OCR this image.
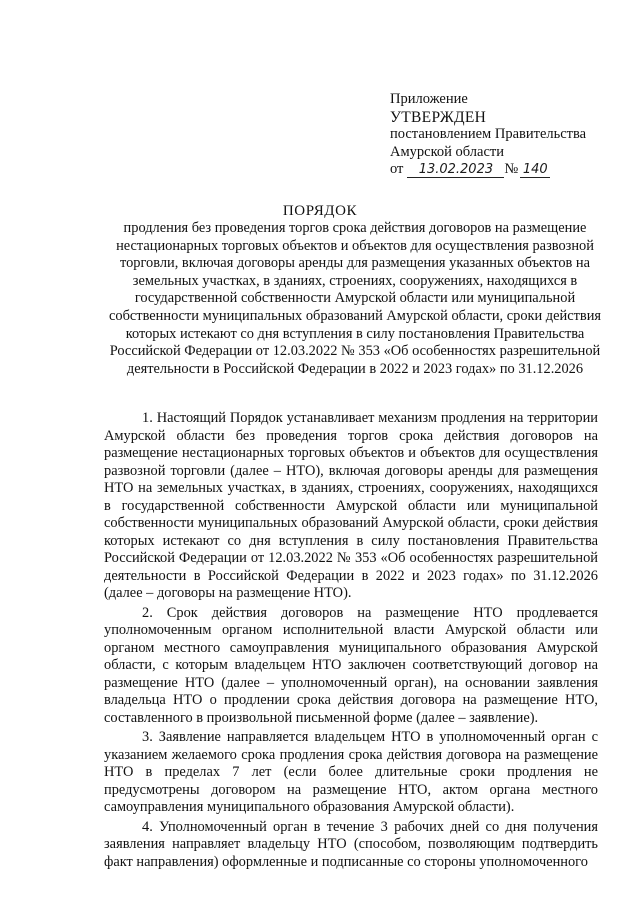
Приложение
УТВЕРЖДЕН
постановлением Правительства
Амурской области
от 13.02.2023 № 140
ПОРЯДОК
продления без проведения торгов срока действия договоров на размещение нестационарных торговых объектов и объектов для осуществления развозной торговли, включая договоры аренды для размещения указанных объектов на земельных участках, в зданиях, строениях, сооружениях, находящихся в государственной собственности Амурской области или муниципальной собственности муниципальных образований Амурской области, сроки действия которых истекают со дня вступления в силу постановления Правительства Российской Федерации от 12.03.2022 № 353 «Об особенностях разрешительной деятельности в Российской Федерации в 2022 и 2023 годах» по 31.12.2026

1. Настоящий Порядок устанавливает механизм продления на территории Амурской области без проведения торгов срока действия договоров на размещение нестационарных торговых объектов и объектов для осуществления развозной торговли (далее – НТО), включая договоры аренды для размещения НТО на земельных участках, в зданиях, строениях, сооружениях, находящихся в государственной собственности Амурской области или муниципальной собственности муниципальных образований Амурской области, сроки действия которых истекают со дня вступления в силу постановления Правительства Российской Федерации от 12.03.2022 № 353 «Об особенностях разрешительной деятельности в Российской Федерации в 2022 и 2023 годах» по 31.12.2026 (далее – договоры на размещение НТО).

2. Срок действия договоров на размещение НТО продлевается уполномоченным органом исполнительной власти Амурской области или органом местного самоуправления муниципального образования Амурской области, с которым владельцем НТО заключен соответствующий договор на размещение НТО (далее – уполномоченный орган), на основании заявления владельца НТО о продлении срока действия договора на размещение НТО, составленного в произвольной письменной форме (далее – заявление).

3. Заявление направляется владельцем НТО в уполномоченный орган с указанием желаемого срока продления срока действия договора на размещение НТО в пределах 7 лет (если более длительные сроки продления не предусмотрены договором на размещение НТО, актом органа местного самоуправления муниципального образования Амурской области).

4. Уполномоченный орган в течение 3 рабочих дней со дня получения заявления направляет владельцу НТО (способом, позволяющим подтвердить факт направления) оформленные и подписанные со стороны уполномоченного
